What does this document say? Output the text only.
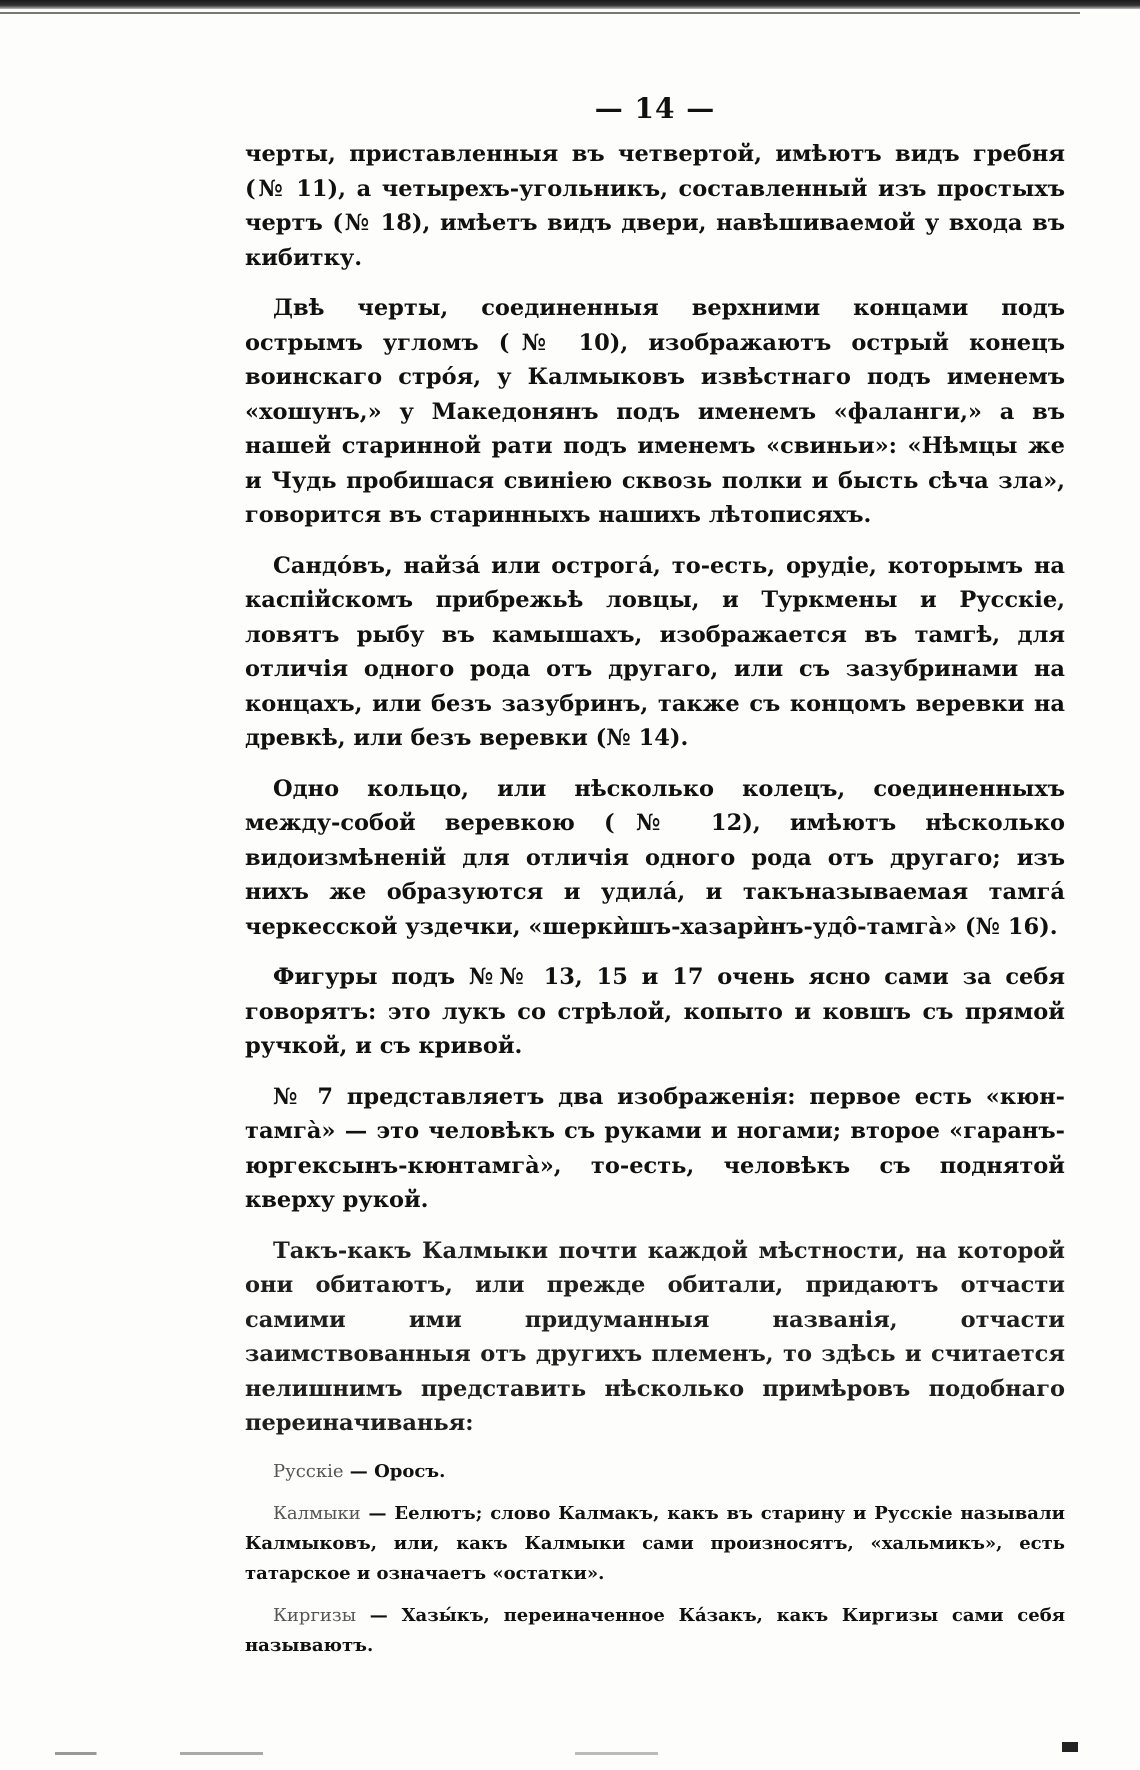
— 14 —

черты, приставленныя въ четвертой, имѣютъ видъ гребня (№ 11), а четырехъ-угольникъ, составленный изъ простыхъ чертъ (№ 18), имѣетъ видъ двери, навѣшиваемой у входа въ кибитку.

Двѣ черты, соединенныя верхними концами подъ острымъ угломъ (№ 10), изображаютъ острый конецъ воинскаго стрóя, у Калмыковъ извѣстнаго подъ именемъ «хошунъ,» у Македонянъ подъ именемъ «фаланги,» а въ нашей старинной рати подъ именемъ «свиньи»: «Нѣмцы же и Чудь пробишася свинiею сквозь полки и бысть сѣча зла», говорится въ старинныхъ нашихъ лѣтописяхъ.

Сандóвъ, найзá или острогá, то-есть, орудiе, которымъ на каспiйскомъ прибрежьѣ ловцы, и Туркмены и Русскiе, ловятъ рыбу въ камышахъ, изображается въ тамгѣ, для отличiя одного рода отъ другаго, или съ зазубринами на концахъ, или безъ зазубринъ, также съ концомъ веревки на древкѣ, или безъ веревки (№ 14).

Одно кольцо, или нѣсколько колецъ, соединенныхъ между-собой веревкою (№ 12), имѣютъ нѣсколько видоизмѣненiй для отличiя одного рода отъ другаго; изъ нихъ же образуются и удилá, и такъназываемая тамгá черкесской уздечки, «шеркѝшъ-хазарѝнъ-удô-тамгà» (№ 16).

Фигуры подъ №№ 13, 15 и 17 очень ясно сами за себя говорятъ: это лукъ со стрѣлой, копыто и ковшъ съ прямой ручкой, и съ кривой.

№ 7 представляетъ два изображенiя: первое есть «кюн-тамгà» — это человѣкъ съ руками и ногами; второе «гаранъ-юргексынъ-кюнтамгà», то-есть, человѣкъ съ поднятой кверху рукой.

Такъ-какъ Калмыки почти каждой мѣстности, на которой они обитаютъ, или прежде обитали, придаютъ отчасти самими ими придуманныя названiя, отчасти заимствованныя отъ другихъ племенъ, то здѣсь и считается нелишнимъ представить нѣсколько примѣровъ подобнаго переиначиванья:

Русскiе — Оросъ.

Калмыки — Еелютъ; слово Калмакъ, какъ въ старину и Русскiе называли Калмыковъ, или, какъ Калмыки сами произносятъ, «хальмикъ», есть татарское и означаетъ «остатки».

Киргизы — Хазы́къ, переиначенное Кáзакъ, какъ Киргизы сами себя называютъ.
